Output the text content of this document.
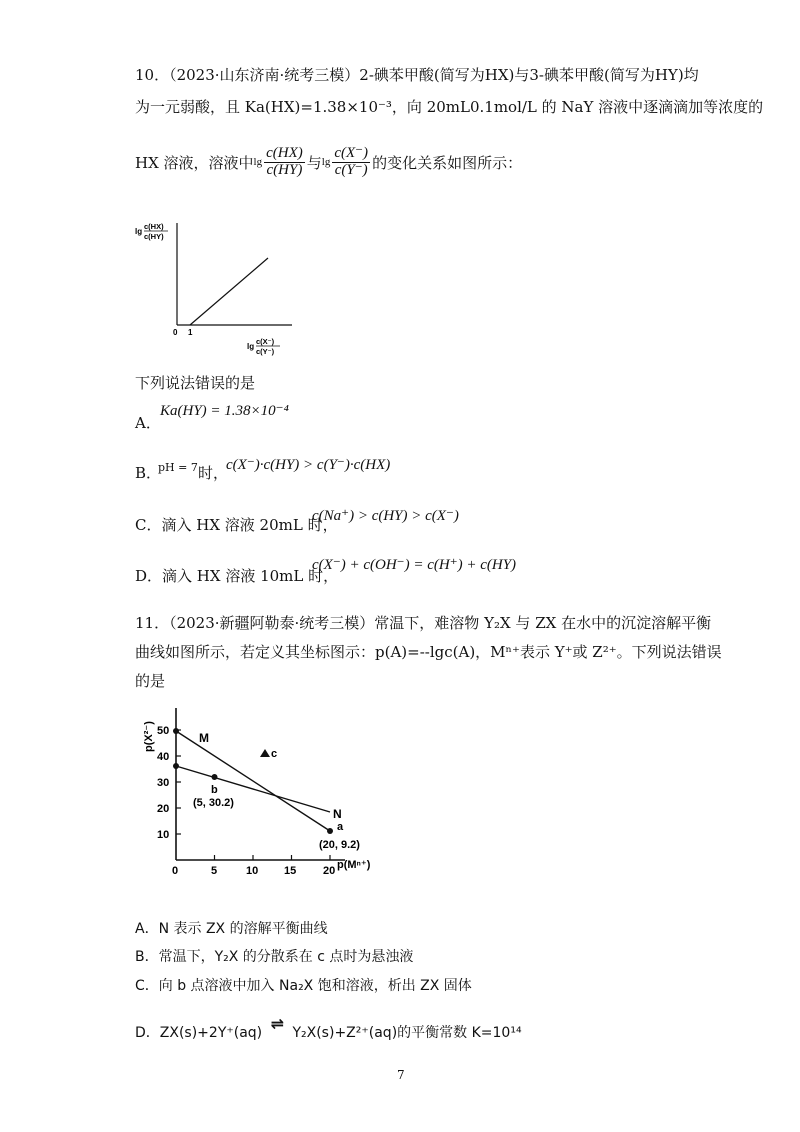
10．（2023·山东济南·统考三模）2-碘苯甲酸(简写为HX)与3-碘苯甲酸(简写为HY)均
为一元弱酸，且 Ka(HX)=1.38×10⁻³，向 20mL0.1mol/L 的 NaY 溶液中逐滴滴加等浓度的
HX 溶液，溶液中 $\lg \frac{c(HX)}{c(HY)}$ 与 $\lg \frac{c(X^-)}{c(Y^-)}$ 的变化关系如图所示：
lg
c(HX)
c(HY)
0 1
lg
c(X⁻)
c(Y⁻)
下列说法错误的是
A．
Ka(HY) = 1.38×10⁻⁴
B．
pH = 7 时，
c(X⁻)·c(HY) > c(Y⁻)·c(HX)
C．滴入 HX 溶液 20mL 时，
c(Na⁺) > c(HY) > c(X⁻)
D．滴入 HX 溶液 10mL 时，
c(X⁻) + c(OH⁻) = c(H⁺) + c(HY)
11．（2023·新疆阿勒泰·统考三模）常温下，难溶物 Y₂X 与 ZX 在水中的沉淀溶解平衡
曲线如图所示，若定义其坐标图示：p(A)=--lgc(A)，Mⁿ⁺表示 Y⁺或 Z²⁺。下列说法错误
的是
50
40
30
20
10
0	5	10 15 20
p(X²⁻)
p(Mⁿ⁺)
M
N
b
(5, 30.2)
a
(20, 9.2)
c
A．N 表示 ZX 的溶解平衡曲线
B．常温下，Y₂X 的分散系在 c 点时为悬浊液
C．向 b 点溶液中加入 Na₂X 饱和溶液，析出 ZX 固体
D．ZX(s)+2Y⁺(aq) ⇌ Y₂X(s)+Z²⁺(aq)的平衡常数 K=10¹⁴
7
